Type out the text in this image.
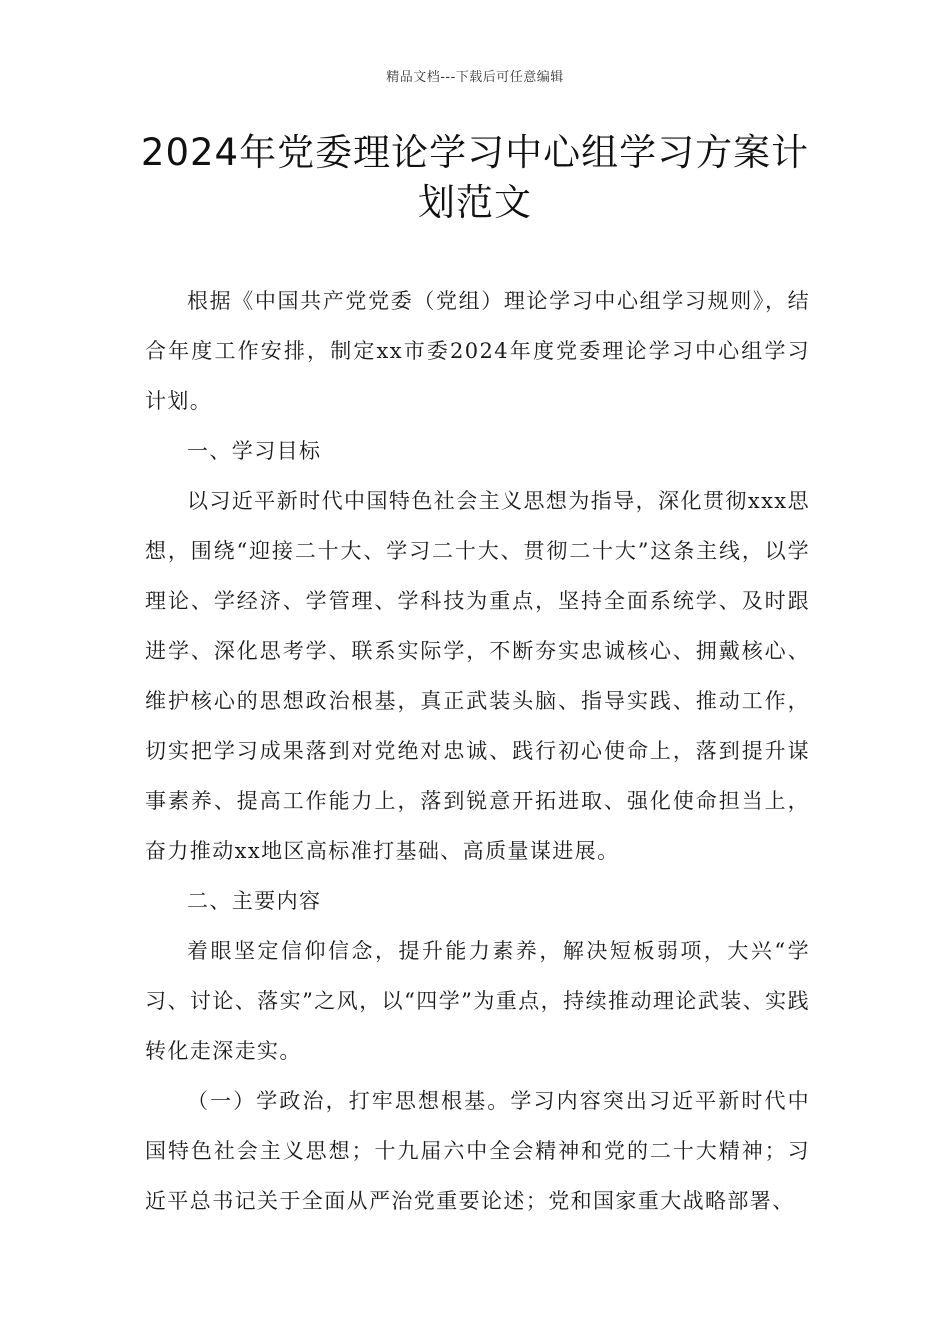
精品文档---下载后可任意编辑
2024年党委理论学习中心组学习方案计划范文

根据《中国共产党党委（党组）理论学习中心组学习规则》，结合年度工作安排，制定xx市委2024年度党委理论学习中心组学习计划。

一、学习目标

以习近平新时代中国特色社会主义思想为指导，深化贯彻xxx思想，围绕“迎接二十大、学习二十大、贯彻二十大”这条主线，以学理论、学经济、学管理、学科技为重点，坚持全面系统学、及时跟进学、深化思考学、联系实际学，不断夯实忠诚核心、拥戴核心、维护核心的思想政治根基，真正武装头脑、指导实践、推动工作，切实把学习成果落到对党绝对忠诚、践行初心使命上，落到提升谋事素养、提高工作能力上，落到锐意开拓进取、强化使命担当上，奋力推动xx地区高标准打基础、高质量谋进展。

二、主要内容

着眼坚定信仰信念，提升能力素养，解决短板弱项，大兴“学习、讨论、落实”之风，以“四学”为重点，持续推动理论武装、实践转化走深走实。

（一）学政治，打牢思想根基。学习内容突出习近平新时代中国特色社会主义思想；十九届六中全会精神和党的二十大精神；习近平总书记关于全面从严治党重要论述；党和国家重大战略部署、
